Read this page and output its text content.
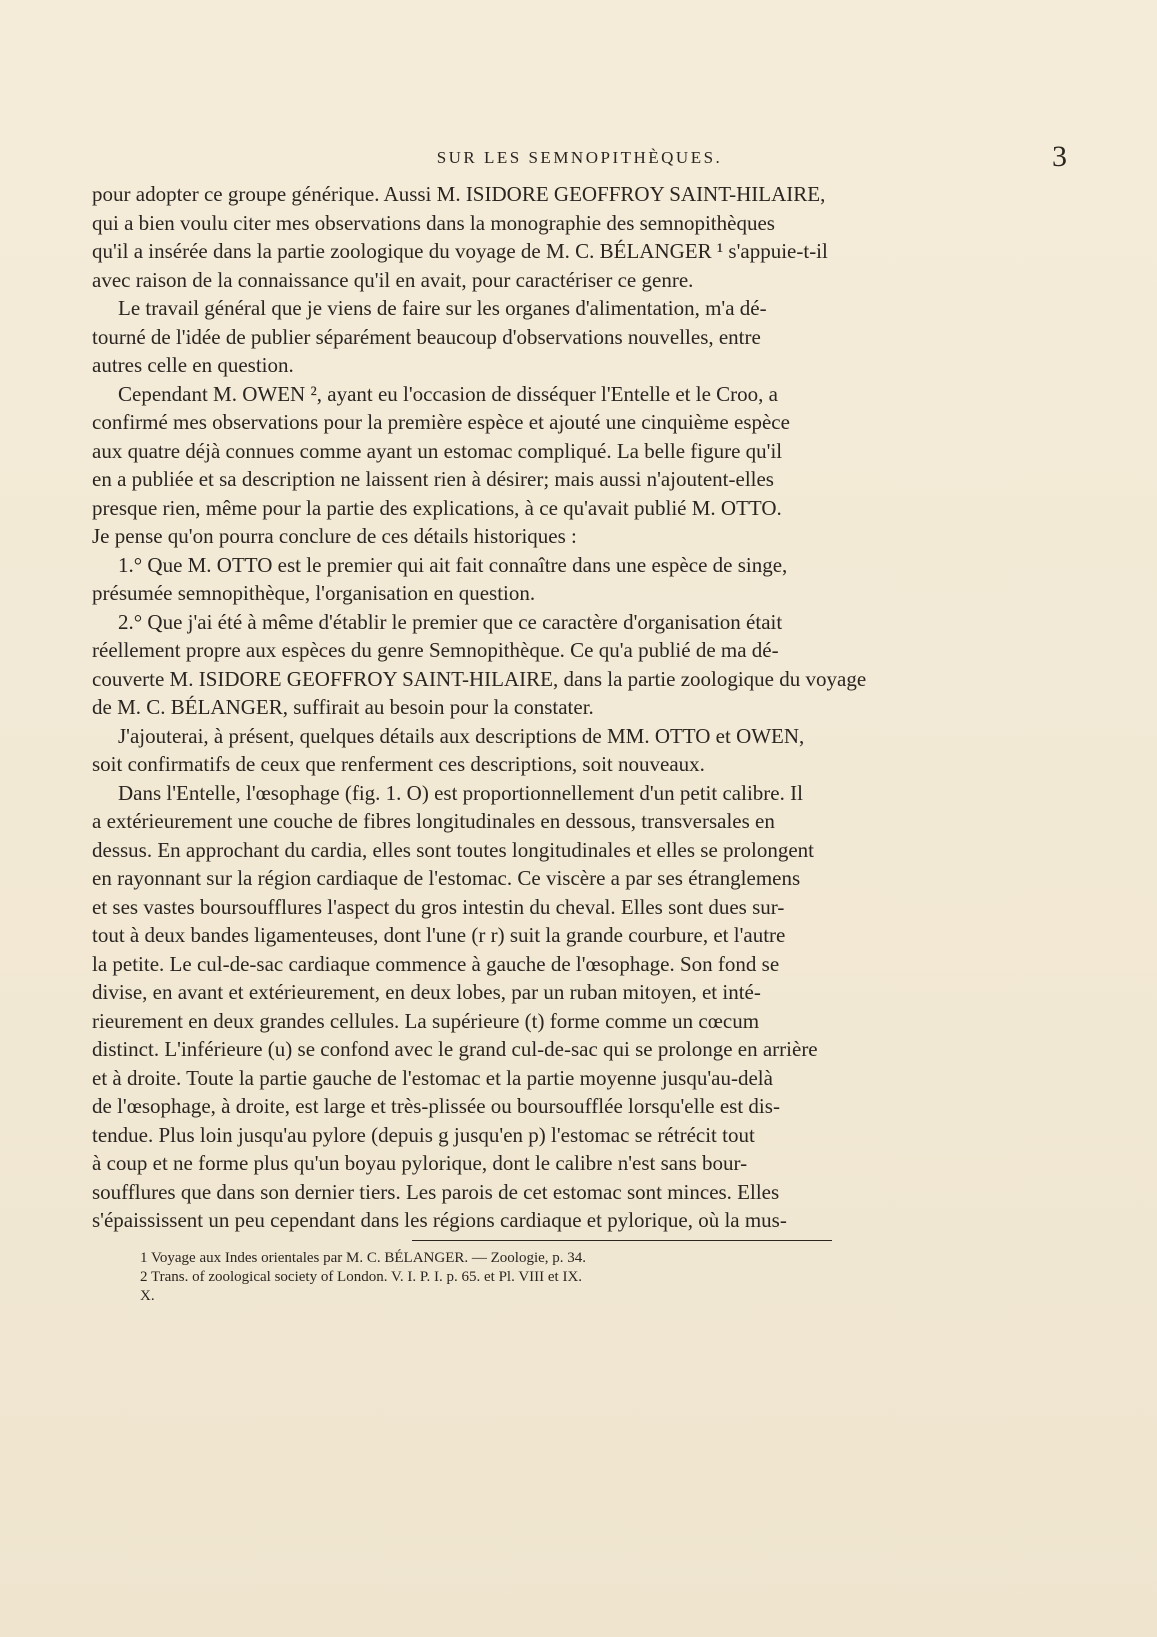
SUR LES SEMNOPITHÈQUES.	3
pour adopter ce groupe générique. Aussi M. ISIDORE GEOFFROY SAINT-HILAIRE,
qui a bien voulu citer mes observations dans la monographie des semnopithèques
qu'il a insérée dans la partie zoologique du voyage de M. C. BÉLANGER ¹ s'appuie-t-il
avec raison de la connaissance qu'il en avait, pour caractériser ce genre.
Le travail général que je viens de faire sur les organes d'alimentation, m'a dé-
tourné de l'idée de publier séparément beaucoup d'observations nouvelles, entre
autres celle en question.
Cependant M. OWEN ², ayant eu l'occasion de disséquer l'Entelle et le Croo, a
confirmé mes observations pour la première espèce et ajouté une cinquième espèce
aux quatre déjà connues comme ayant un estomac compliqué. La belle figure qu'il
en a publiée et sa description ne laissent rien à désirer; mais aussi n'ajoutent-elles
presque rien, même pour la partie des explications, à ce qu'avait publié M. OTTO.
Je pense qu'on pourra conclure de ces détails historiques :
1.° Que M. OTTO est le premier qui ait fait connaître dans une espèce de singe,
présumée semnopithèque, l'organisation en question.
2.° Que j'ai été à même d'établir le premier que ce caractère d'organisation était
réellement propre aux espèces du genre Semnopithèque. Ce qu'a publié de ma dé-
couverte M. ISIDORE GEOFFROY SAINT-HILAIRE, dans la partie zoologique du voyage
de M. C. BÉLANGER, suffirait au besoin pour la constater.
J'ajouterai, à présent, quelques détails aux descriptions de MM. OTTO et OWEN,
soit confirmatifs de ceux que renferment ces descriptions, soit nouveaux.
Dans l'Entelle, l'œsophage (fig. 1. O) est proportionnellement d'un petit calibre. Il
a extérieurement une couche de fibres longitudinales en dessous, transversales en
dessus. En approchant du cardia, elles sont toutes longitudinales et elles se prolongent
en rayonnant sur la région cardiaque de l'estomac. Ce viscère a par ses étranglemens
et ses vastes boursoufflures l'aspect du gros intestin du cheval. Elles sont dues sur-
tout à deux bandes ligamenteuses, dont l'une (r r) suit la grande courbure, et l'autre
la petite. Le cul-de-sac cardiaque commence à gauche de l'œsophage. Son fond se
divise, en avant et extérieurement, en deux lobes, par un ruban mitoyen, et inté-
rieurement en deux grandes cellules. La supérieure (t) forme comme un cœcum
distinct. L'inférieure (u) se confond avec le grand cul-de-sac qui se prolonge en arrière
et à droite. Toute la partie gauche de l'estomac et la partie moyenne jusqu'au-delà
de l'œsophage, à droite, est large et très-plissée ou boursoufflée lorsqu'elle est dis-
tendue. Plus loin jusqu'au pylore (depuis g jusqu'en p) l'estomac se rétrécit tout
à coup et ne forme plus qu'un boyau pylorique, dont le calibre n'est sans bour-
soufflures que dans son dernier tiers. Les parois de cet estomac sont minces. Elles
s'épaississent un peu cependant dans les régions cardiaque et pylorique, où la mus-
1 Voyage aux Indes orientales par M. C. BÉLANGER. — Zoologie, p. 34.
2 Trans. of zoological society of London. V. I. P. I. p. 65. et Pl. VIII et IX.
X.
